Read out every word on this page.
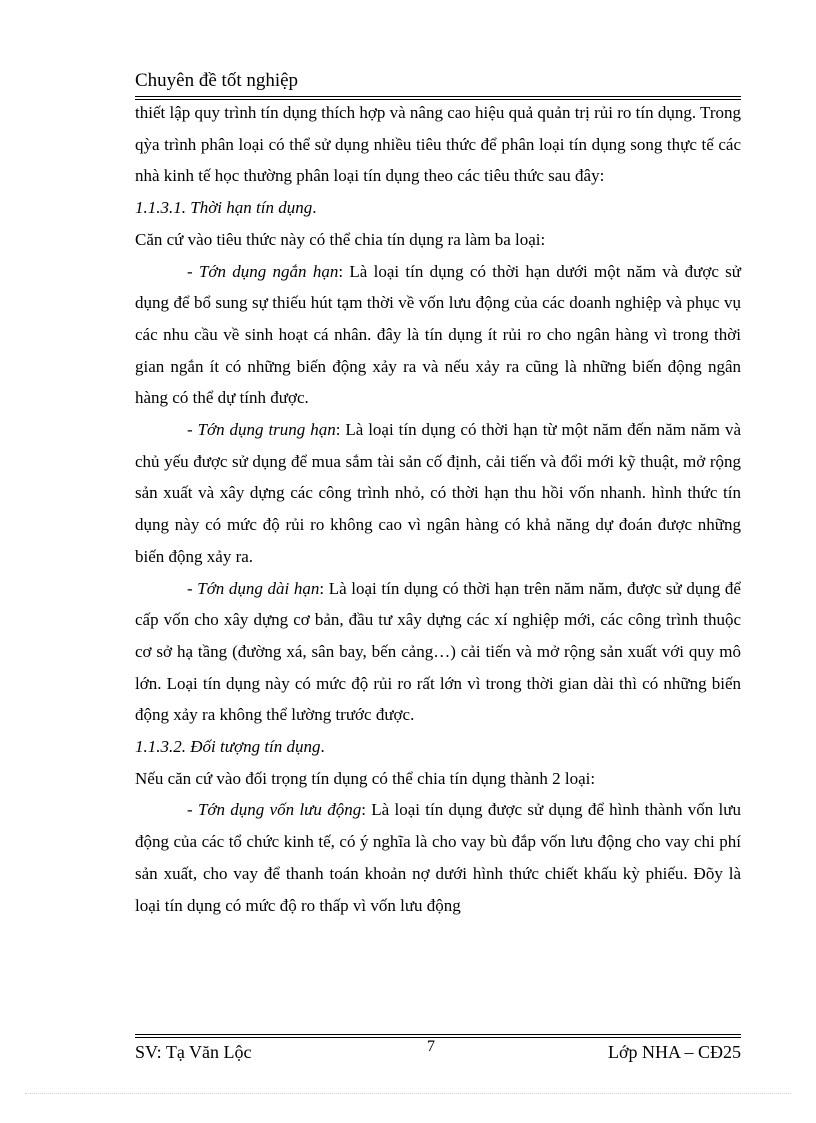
Chuyên đề tốt nghiệp

thiết lập quy trình tín dụng thích hợp và nâng cao hiệu quả quản trị rủi ro tín dụng. Trong qỳa trình phân loại có thể sử dụng nhiều tiêu thức để phân loại tín dụng song thực tế các nhà kinh tế học thường phân loại tín dụng theo các tiêu thức sau đây:

1.1.3.1. Thời hạn tín dụng.

Căn cứ vào tiêu thức này có thể chia tín dụng ra làm ba loại:

- Tớn dụng ngắn hạn: Là loại tín dụng có thời hạn dưới một năm và được sử dụng để bổ sung sự thiếu hút tạm thời về vốn lưu động của các doanh nghiệp và phục vụ các nhu cầu về sinh hoạt cá nhân. đây là tín dụng ít rủi ro cho ngân hàng vì trong thời gian ngắn ít có những biến động xảy ra và nếu xảy ra cũng là những biến động ngân hàng có thể dự tính được.

- Tớn dụng trung hạn: Là loại tín dụng có thời hạn từ một năm đến năm năm và chủ yếu được sử dụng để mua sắm tài sản cố định, cải tiến và đổi mới kỹ thuật, mở rộng sản xuất và xây dựng các công trình nhỏ, có thời hạn thu hồi vốn nhanh. hình thức tín dụng này có mức độ rủi ro không cao vì ngân hàng có khả năng dự đoán được những biến động xảy ra.

- Tớn dụng dài hạn: Là loại tín dụng có thời hạn trên năm năm, được sử dụng để cấp vốn cho xây dựng cơ bản, đầu tư xây dựng các xí nghiệp mới, các công trình thuộc cơ sở hạ tầng (đường xá, sân bay, bến cảng…) cải tiến và mở rộng sản xuất với quy mô lớn. Loại tín dụng này có mức độ rủi ro rất lớn vì trong thời gian dài thì có những biến động xảy ra không thể lường trước được.

1.1.3.2. Đối tượng tín dụng.

Nếu căn cứ vào đối trọng tín dụng có thể chia tín dụng thành 2 loại:

- Tớn dụng vốn lưu động: Là loại tín dụng được sử dụng để hình thành vốn lưu động của các tổ chức kinh tế, có ý nghĩa là cho vay bù đắp vốn lưu động cho vay chi phí sản xuất, cho vay để thanh toán khoản nợ dưới hình thức chiết khấu kỳ phiếu. Đõy là loại tín dụng có mức độ ro thấp vì vốn lưu động

SV: Tạ Văn Lộc	7	Lớp NHA – CĐ25
